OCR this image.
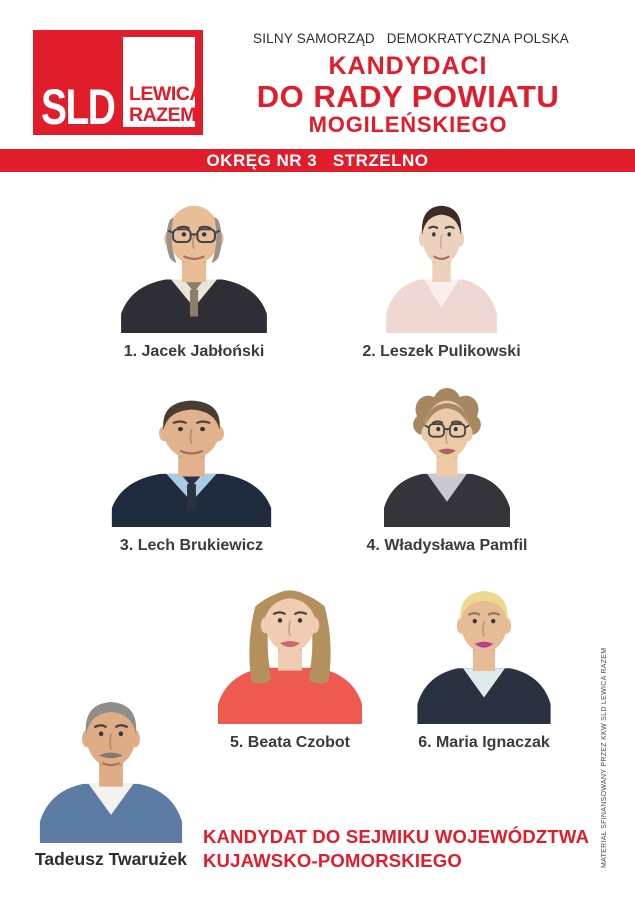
SLD LEWICA
RAZEM
SILNY SAMORZĄD   DEMOKRATYCZNA POLSKA
KANDYDACI
DO RADY POWIATU
MOGILEŃSKIEGO
OKRĘG NR 3   STRZELNO
1. Jacek Jabłoński	2. Leszek Pulikowski
3. Lech Brukiewicz	4. Władysława Pamfil
5. Beata Czobot	6. Maria Ignaczak
Tadeusz Twarużek
KANDYDAT DO SEJMIKU WOJEWÓDZTWA
KUJAWSKO-POMORSKIEGO	MATERIAŁ SFINANSOWANY PRZEZ KKW SLD LEWICA RAZEM
